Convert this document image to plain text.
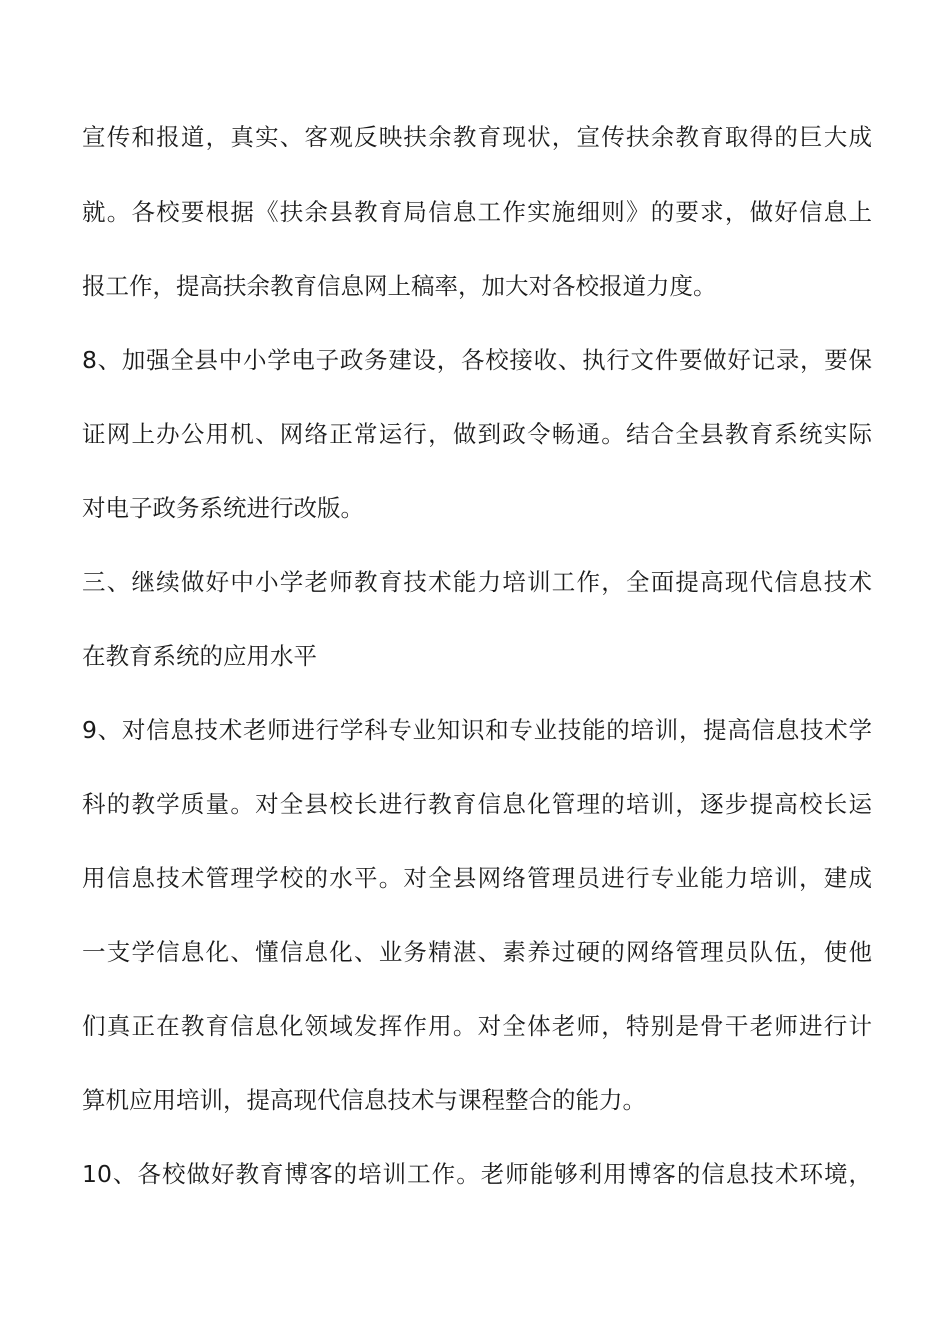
宣传和报道，真实、客观反映扶余教育现状，宣传扶余教育取得的巨大成
就。各校要根据《扶余县教育局信息工作实施细则》的要求，做好信息上
报工作，提高扶余教育信息网上稿率，加大对各校报道力度。
8、加强全县中小学电子政务建设，各校接收、执行文件要做好记录，要保
证网上办公用机、网络正常运行，做到政令畅通。结合全县教育系统实际
对电子政务系统进行改版。
三、继续做好中小学老师教育技术能力培训工作，全面提高现代信息技术
在教育系统的应用水平
9、对信息技术老师进行学科专业知识和专业技能的培训，提高信息技术学
科的教学质量。对全县校长进行教育信息化管理的培训，逐步提高校长运
用信息技术管理学校的水平。对全县网络管理员进行专业能力培训，建成
一支学信息化、懂信息化、业务精湛、素养过硬的网络管理员队伍，使他
们真正在教育信息化领域发挥作用。对全体老师，特别是骨干老师进行计
算机应用培训，提高现代信息技术与课程整合的能力。
10、各校做好教育博客的培训工作。老师能够利用博客的信息技术环境，
